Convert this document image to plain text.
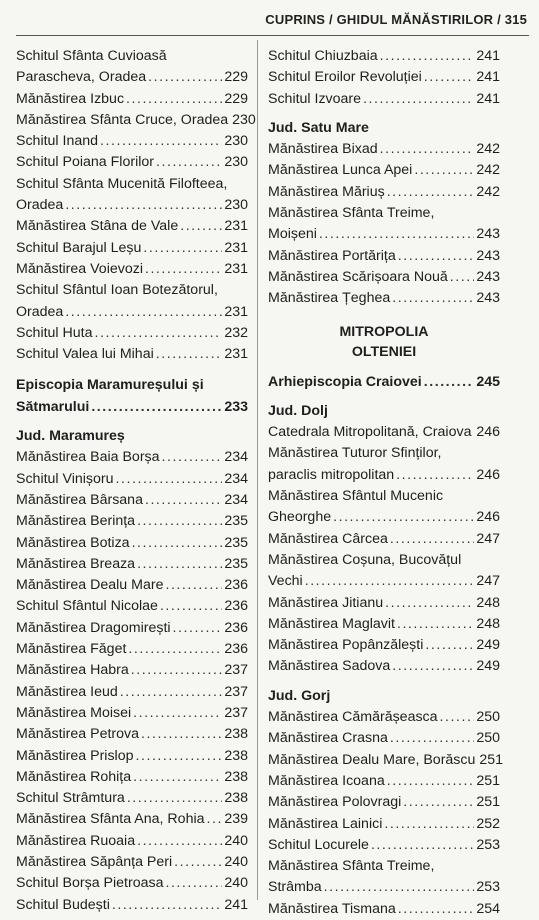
CUPRINS / GHIDUL MĂNĂSTIRILOR / 315
Schitul Sfânta Cuvioasă
Parascheva, Oradea . . .	229
Mănăstirea Izbuc . . .	229
Mănăstirea Sfânta Cruce, Oradea 230
Schitul Inand . . .	230
Schitul Poiana Florilor . . .	230
Schitul Sfânta Mucenită Filofteea,
Oradea . . .	230
Mănăstirea Stâna de Vale . . .	231
Schitul Barajul Leșu . . .	231
Mănăstirea Voievozi . . .	231
Schitul Sfântul Ioan Botezătorul,
Oradea . . .	231
Schitul Huta . . .	232
Schitul Valea lui Mihai . . .	231
Episcopia Maramureșului și
Sătmarului . . .	233
Jud. Maramureș
Mănăstirea Baia Borșa . . .	234
Schitul Vinișoru . . .	234
Mănăstirea Bârsana . . .	234
Mănăstirea Berința . . .	235
Mănăstirea Botiza . . .	235
Mănăstirea Breaza . . .	235
Mănăstirea Dealu Mare . . .	236
Schitul Sfântul Nicolae . . .	236
Mănăstirea Dragomirești . . .	236
Mănăstirea Făget . . .	236
Mănăstirea Habra . . .	237
Mănăstirea Ieud . . .	237
Mănăstirea Moisei . . .	237
Mănăstirea Petrova . . .	238
Mănăstirea Prislop . . .	238
Mănăstirea Rohița . . .	238
Schitul Strâmtura . . .	238
Mănăstirea Sfânta Ana, Rohia . . . 239
Mănăstirea Ruoaia . . .	240
Mănăstirea Săpânța Peri . . .	240
Schitul Borșa Pietroasa . . .	240
Schitul Budești . . .	241
Schitul Chiuzbaia . . .	241
Schitul Eroilor Revoluției . . .	241
Schitul Izvoare . . .	241
Jud. Satu Mare
Mănăstirea Bixad . . .	242
Mănăstirea Lunca Apei . . .	242
Mănăstirea Măriuș . . .	242
Mănăstirea Sfânta Treime,
Moișeni . . .	243
Mănăstirea Portărița . . .	243
Mănăstirea Scărișoara Nouă . . . 243
Mănăstirea Țeghea . . .	243
MITROPOLIA
OLTENIEI
Arhiepiscopia Craiovei . . .	245
Jud. Dolj
Catedrala Mitropolitană, Craiova . . . 246
Mănăstirea Tuturor Sfinților,
paraclis mitropolitan . . .	246
Mănăstirea Sfântul Mucenic
Gheorghe . . .	246
Mănăstirea Cârcea . . .	247
Mănăstirea Coșuna, Bucovățul
Vechi . . .	247
Mănăstirea Jitianu . . .	248
Mănăstirea Maglavit . . .	248
Mănăstirea Popânzălești . . .	249
Mănăstirea Sadova . . .	249
Jud. Gorj
Mănăstirea Cămărășeasca . . .	250
Mănăstirea Crasna . . .	250
Mănăstirea Dealu Mare, Borăscu 251
Mănăstirea Icoana . . .	251
Mănăstirea Polovragi . . .	251
Mănăstirea Lainici . . .	252
Schitul Locurele . . .	253
Mănăstirea Sfânta Treime,
Strâmba . . .	253
Mănăstirea Tismana . . .	254
